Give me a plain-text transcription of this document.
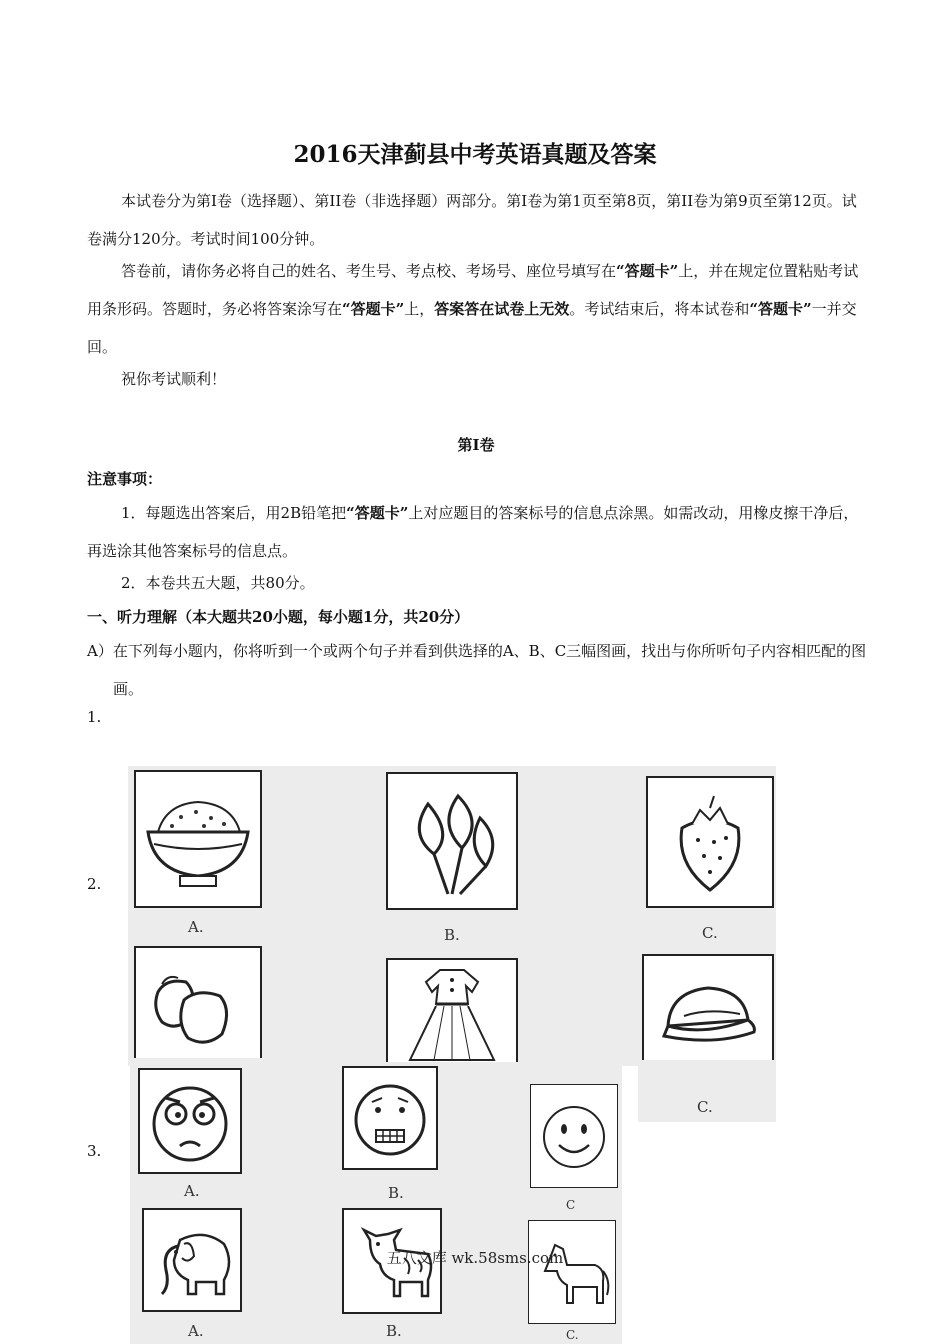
2016天津蓟县中考英语真题及答案

本试卷分为第Ⅰ卷（选择题）、第II卷（非选择题）两部分。第Ⅰ卷为第1页至第8页，第II卷为第9页至第12页。试卷满分120分。考试时间100分钟。

答卷前，请你务必将自己的姓名、考生号、考点校、考场号、座位号填写在“答题卡”上，并在规定位置粘贴考试用条形码。答题时，务必将答案涂写在“答题卡”上，答案答在试卷上无效。考试结束后，将本试卷和“答题卡”一并交回。

祝你考试顺利！

第Ⅰ卷

注意事项：

1．每题选出答案后，用2B铅笔把“答题卡”上对应题目的答案标号的信息点涂黑。如需改动，用橡皮擦干净后，再选涂其他答案标号的信息点。

2．本卷共五大题，共80分。

一、听力理解（本大题共20小题，每小题1分，共20分）

A）在下列每小题内，你将听到一个或两个句子并看到供选择的A、B、C三幅图画，找出与你所听句子内容相匹配的图画。

1.
2.
3.
A.	B.	C.
C.
A.	B.
C
A.	B.	C.
五八文库 wk.58sms.com
